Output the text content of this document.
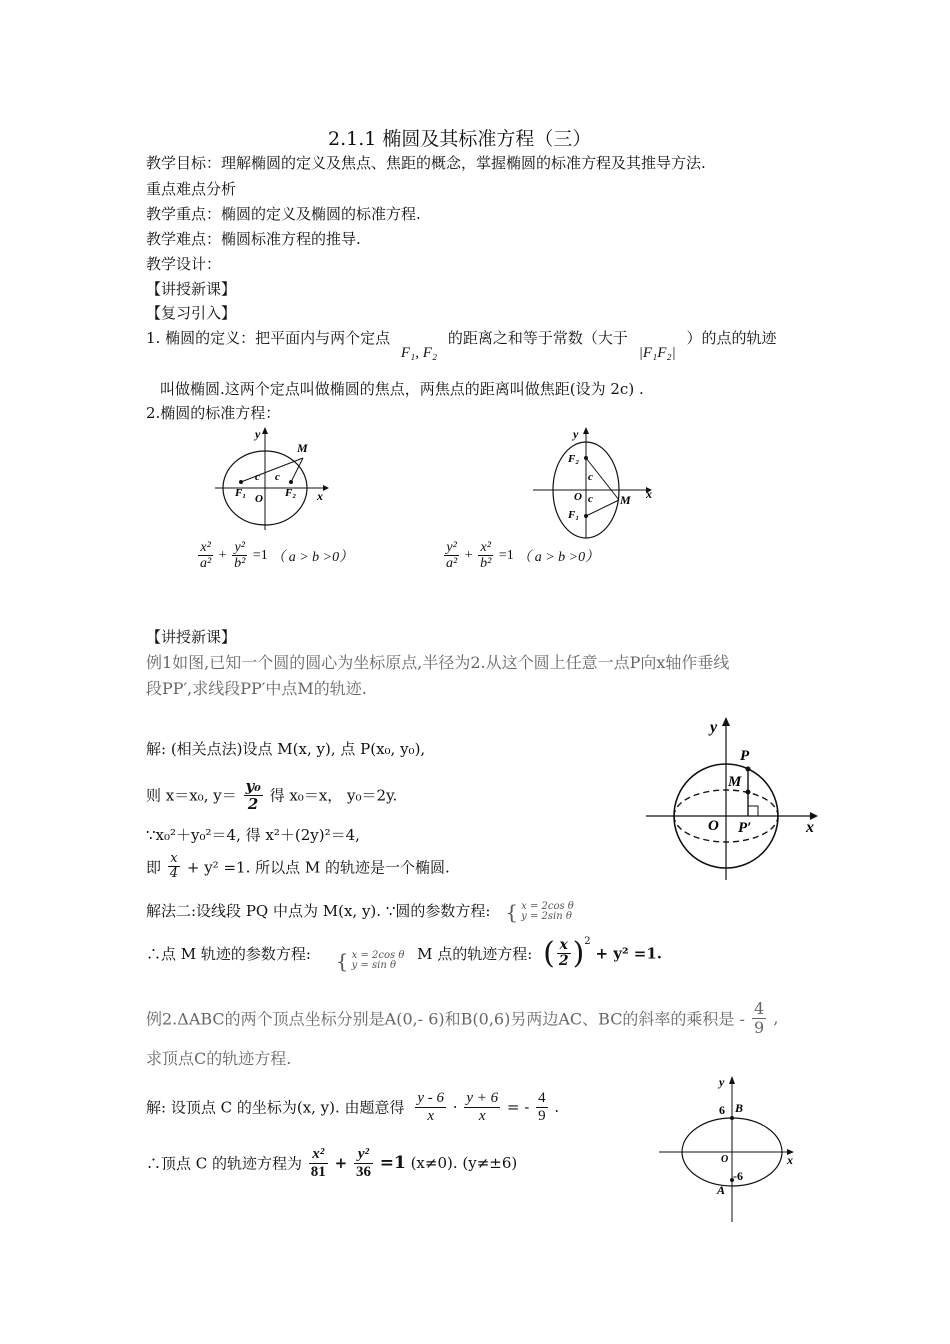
2.1.1 椭圆及其标准方程（三）
教学目标：理解椭圆的定义及焦点、焦距的概念，掌握椭圆的标准方程及其推导方法.
重点难点分析
教学重点：椭圆的定义及椭圆的标准方程.
教学难点：椭圆标准方程的推导.
教学设计：
【讲授新课】
【复习引入】
1. 椭圆的定义：把平面内与两个定点 F₁, F₂ 的距离之和等于常数（大于 |F₁F₂| ）的点的轨迹
叫做椭圆.这两个定点叫做椭圆的焦点，两焦点的距离叫做焦距(设为 2c) .
2.椭圆的标准方程：
y
M
c c
O
F₁	F₂ x
y
F₂
c
O c M
F₁
x
$\frac{\text{x²}}{\text{a²}} + \frac{\text{y²}}{\text{b²}} =1$ （ a > b >0）	$\frac{\text{y²}}{\text{a²}} + \frac{\text{x²}}{\text{b²}} =1$ （ a > b >0）
【讲授新课】
例1如图,已知一个圆的圆心为坐标原点,半径为2.从这个圆上任意一点P向x轴作垂线
段PP′,求线段PP′中点M的轨迹.
解: (相关点法)设点 M(x, y), 点 P(x₀, y₀),
则 x＝x₀, $y= \frac{\text{y₀}}{2}$ 得 x₀＝x， y₀＝2y.
∵x₀²＋y₀²＝4, 得 x²＋(2y)²＝4,
即 $\frac{x}{4} + y^2 =1$. 所以点 M 的轨迹是一个椭圆.
解法二:设线段 PQ 中点为 M(x, y). ∵圆的参数方程: { x = 2cos θ
y = 2sin θ
∴点 M 轨迹的参数方程: { x = 2cos θ
y = sin θ M 点的轨迹方程: ( $\frac{x}{2} )^2 + y^2 =1$.
y
P
M
O P′	x
例2.ΔABC的两个顶点坐标分别是A(0,- 6)和B(0,6)另两边AC、BC的斜率的乘积是 - $\frac{4}{9}$ ,
求顶点C的轨迹方程.
解: 设顶点 C 的坐标为(x, y). 由题意得 $\frac{y - 6}{x} \cdot \frac{y + 6}{x}$ = - $\frac{4}{9}$ .
∴顶点 C 的轨迹方程为 $\frac{\text{x²}}{81} + \frac{\text{y²}}{36} =1$ (x≠0). (y≠±6)
y
6 B
O	x
-6
A
